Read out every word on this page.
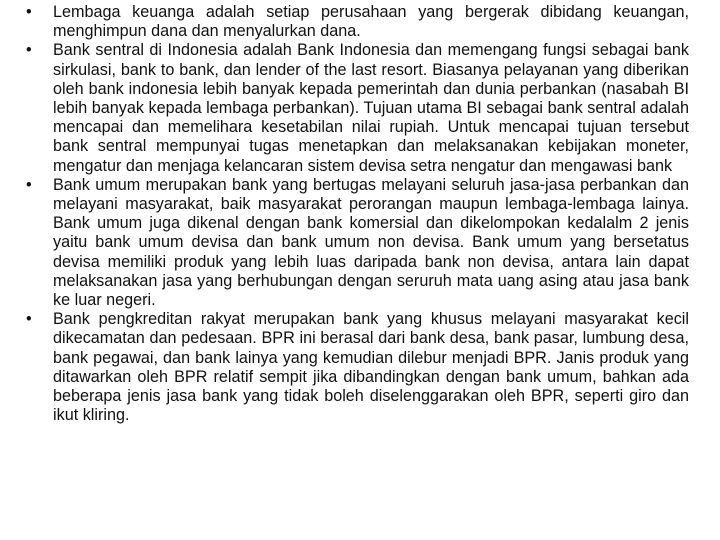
• Lembaga keuanga adalah setiap perusahaan yang bergerak dibidang keuangan, menghimpun dana dan menyalurkan dana.
• Bank sentral di Indonesia adalah Bank Indonesia dan memengang fungsi sebagai bank sirkulasi, bank to bank, dan lender of the last resort. Biasanya pelayanan yang diberikan oleh bank indonesia lebih banyak kepada pemerintah dan dunia perbankan (nasabah BI lebih banyak kepada lembaga perbankan). Tujuan utama BI sebagai bank sentral adalah mencapai dan memelihara kesetabilan nilai rupiah. Untuk mencapai tujuan tersebut bank sentral mempunyai tugas menetapkan dan melaksanakan kebijakan moneter, mengatur dan menjaga kelancaran sistem devisa setra nengatur dan mengawasi bank
• Bank umum merupakan bank yang bertugas melayani seluruh jasa-jasa perbankan dan melayani masyarakat, baik masyarakat perorangan maupun lembaga-lembaga lainya. Bank umum juga dikenal dengan bank komersial dan dikelompokan kedalalm 2 jenis yaitu bank umum devisa dan bank umum non devisa. Bank umum yang bersetatus devisa memiliki produk yang lebih luas daripada bank non devisa, antara lain dapat melaksanakan jasa yang berhubungan dengan seruruh mata uang asing atau jasa bank ke luar negeri.
• Bank pengkreditan rakyat merupakan bank yang khusus melayani masyarakat kecil dikecamatan dan pedesaan. BPR ini berasal dari bank desa, bank pasar, lumbung desa, bank pegawai, dan bank lainya yang kemudian dilebur menjadi BPR. Janis produk yang ditawarkan oleh BPR relatif sempit jika dibandingkan dengan bank umum, bahkan ada beberapa jenis jasa bank yang tidak boleh diselenggarakan oleh BPR, seperti giro dan ikut kliring.
